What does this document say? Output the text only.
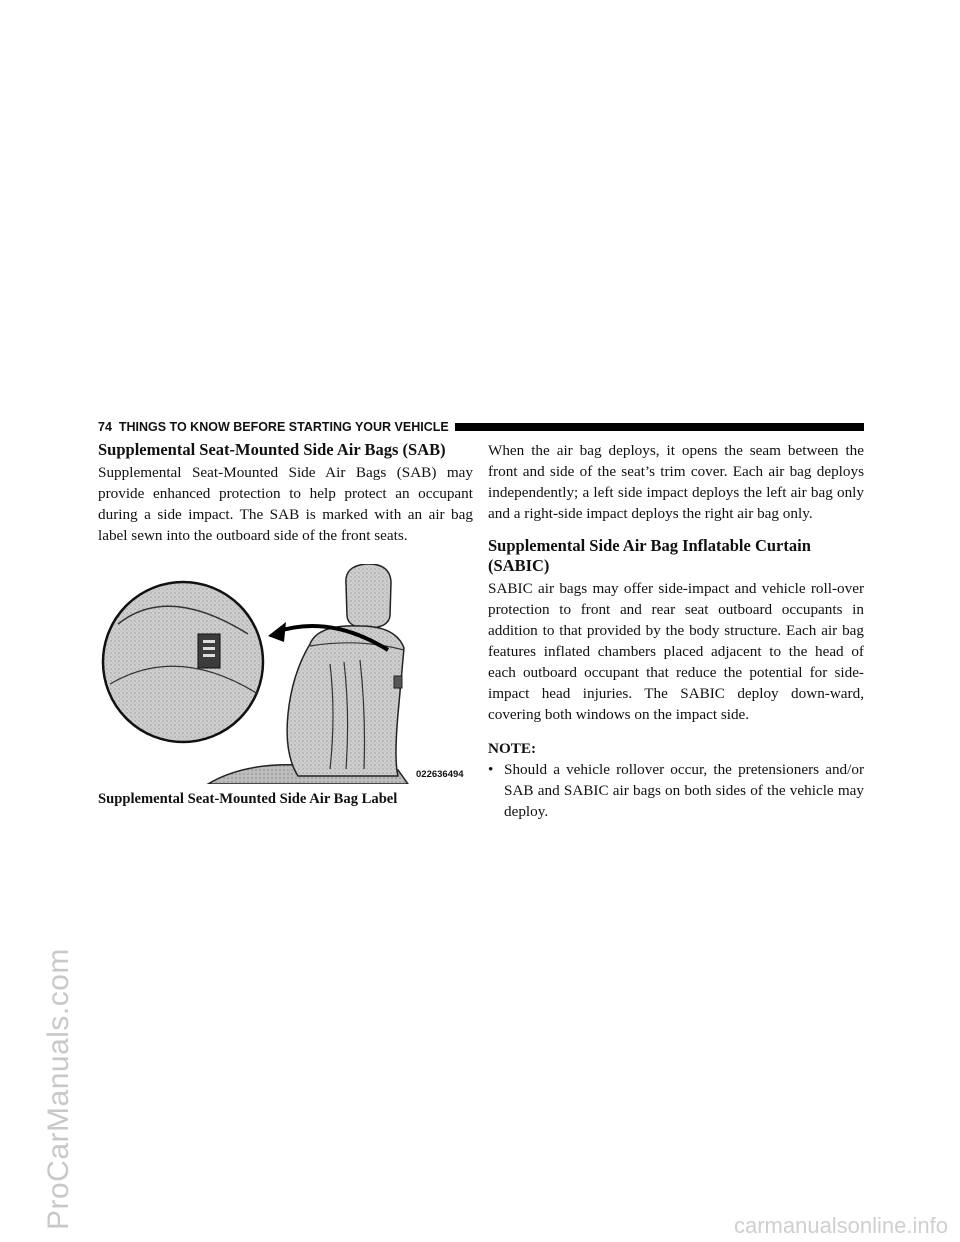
ProCarManuals.com	carmanualsonline.info
74 THINGS TO KNOW BEFORE STARTING YOUR VEHICLE
Supplemental Seat-Mounted Side Air Bags (SAB)

Supplemental Seat-Mounted Side Air Bags (SAB) may provide enhanced protection to help protect an occupant during a side impact. The SAB is marked with an air bag label sewn into the outboard side of the front seats.

022636494
Supplemental Seat-Mounted Side Air Bag Label

When the air bag deploys, it opens the seam between the front and side of the seat’s trim cover. Each air bag deploys independently; a left side impact deploys the left air bag only and a right-side impact deploys the right air bag only.

Supplemental Side Air Bag Inflatable Curtain (SABIC)

SABIC air bags may offer side-impact and vehicle roll-over protection to front and rear seat outboard occupants in addition to that provided by the body structure. Each air bag features inflated chambers placed adjacent to the head of each outboard occupant that reduce the potential for side-impact head injuries. The SABIC deploy down-ward, covering both windows on the impact side.

NOTE:
• Should a vehicle rollover occur, the pretensioners and/or SAB and SABIC air bags on both sides of the vehicle may deploy.
